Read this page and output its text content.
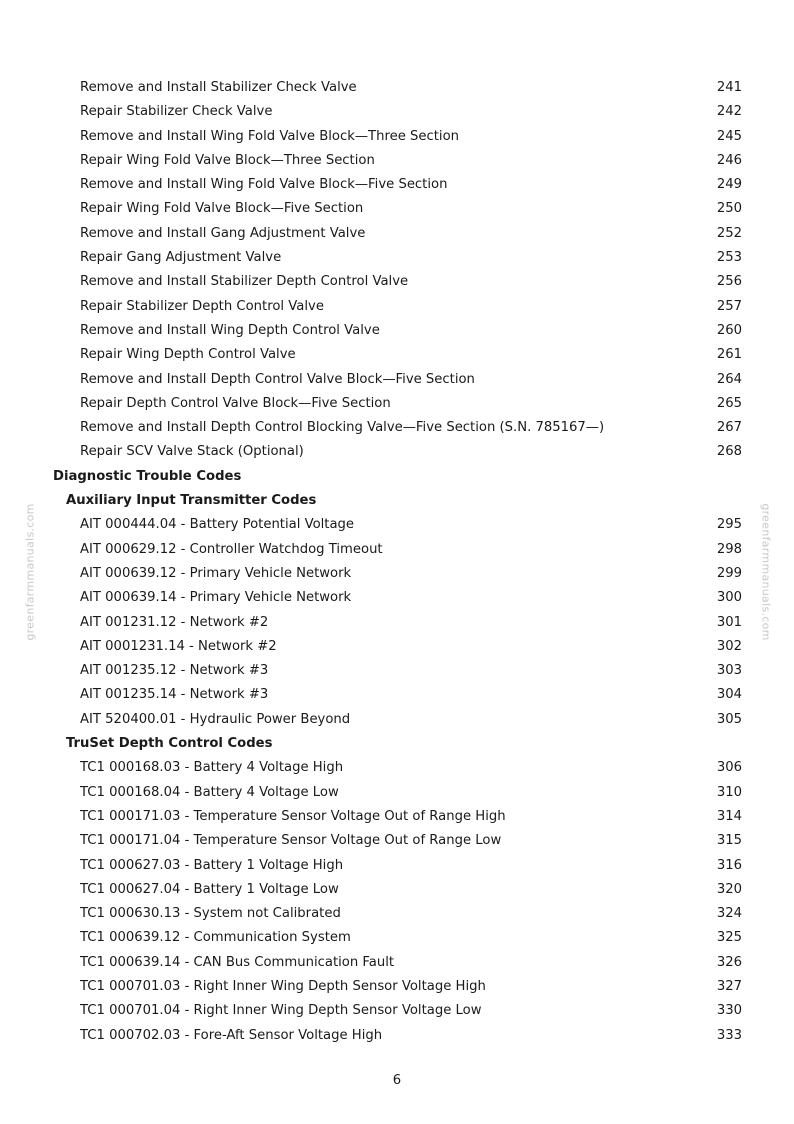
greenfarmmanuals.com	greenfarmmanuals.com
Remove and Install Stabilizer Check Valve	241
Repair Stabilizer Check Valve	242
Remove and Install Wing Fold Valve Block—Three Section	245
Repair Wing Fold Valve Block—Three Section	246
Remove and Install Wing Fold Valve Block—Five Section	249
Repair Wing Fold Valve Block—Five Section	250
Remove and Install Gang Adjustment Valve	252
Repair Gang Adjustment Valve	253
Remove and Install Stabilizer Depth Control Valve	256
Repair Stabilizer Depth Control Valve	257
Remove and Install Wing Depth Control Valve	260
Repair Wing Depth Control Valve	261
Remove and Install Depth Control Valve Block—Five Section	264
Repair Depth Control Valve Block—Five Section	265
Remove and Install Depth Control Blocking Valve—Five Section (S.N. 785167—)	267
Repair SCV Valve Stack (Optional)	268
Diagnostic Trouble Codes
Auxiliary Input Transmitter Codes
AIT 000444.04 - Battery Potential Voltage	295
AIT 000629.12 - Controller Watchdog Timeout	298
AIT 000639.12 - Primary Vehicle Network	299
AIT 000639.14 - Primary Vehicle Network	300
AIT 001231.12 - Network #2	301
AIT 0001231.14 - Network #2	302
AIT 001235.12 - Network #3	303
AIT 001235.14 - Network #3	304
AIT 520400.01 - Hydraulic Power Beyond	305
TruSet Depth Control Codes
TC1 000168.03 - Battery 4 Voltage High	306
TC1 000168.04 - Battery 4 Voltage Low	310
TC1 000171.03 - Temperature Sensor Voltage Out of Range High	314
TC1 000171.04 - Temperature Sensor Voltage Out of Range Low	315
TC1 000627.03 - Battery 1 Voltage High	316
TC1 000627.04 - Battery 1 Voltage Low	320
TC1 000630.13 - System not Calibrated	324
TC1 000639.12 - Communication System	325
TC1 000639.14 - CAN Bus Communication Fault	326
TC1 000701.03 - Right Inner Wing Depth Sensor Voltage High	327
TC1 000701.04 - Right Inner Wing Depth Sensor Voltage Low	330
TC1 000702.03 - Fore-Aft Sensor Voltage High	333
6
